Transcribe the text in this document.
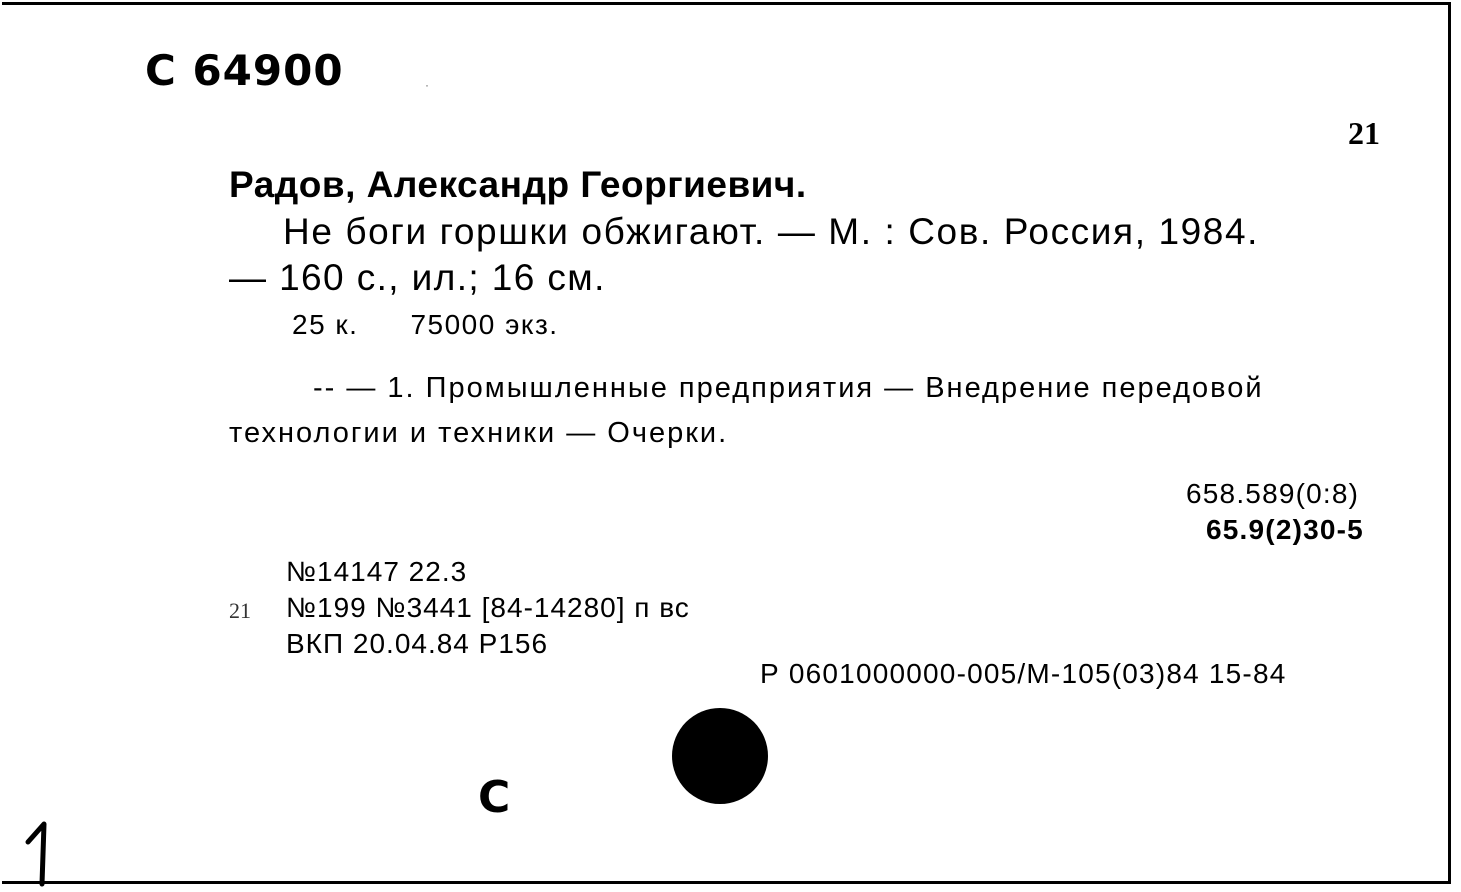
C 64900	·
21
Радов, Александр Георгиевич.
Не боги горшки обжигают. — М. : Сов. Россия, 1984.
— 160 с., ил.; 16 см.
25 к. 75000 экз.
-- — 1. Промышленные предприятия — Внедрение передовой
технологии и техники — Очерки.
658.589(0:8)
65.9(2)30-5
№14147 22.3
21 №199 №3441 [84-14280] п вс
ВКП 20.04.84 Р156
Р 0601000000-005/М-105(03)84 15-84
С
